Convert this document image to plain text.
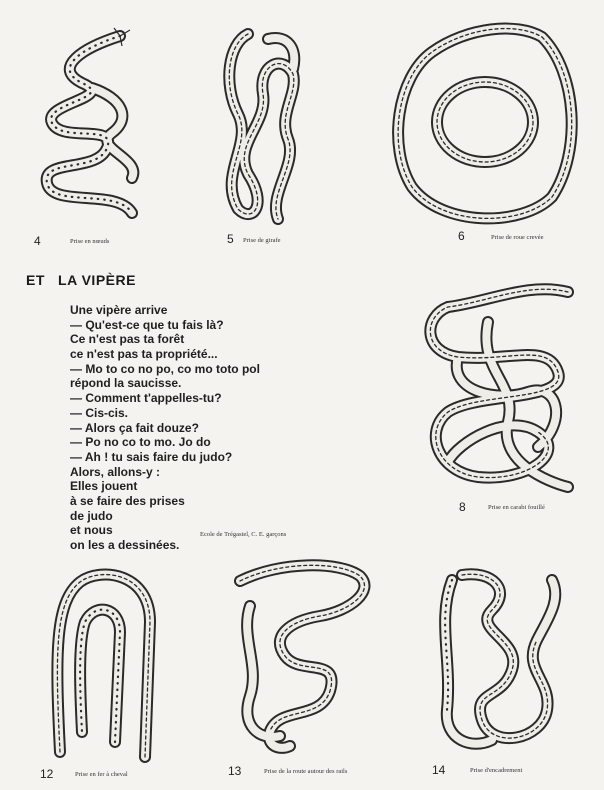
4	Prise en nœuds	5 Prise de girafe	6	Prise de roue crevée
ET   LA VIPÈRE
Une vipère arrive
— Qu'est-ce que tu fais là?
Ce n'est pas ta forêt
ce n'est pas ta propriété...
— Mo to co no po, co mo toto pol
répond la saucisse.
— Comment t'appelles-tu?
— Cis-cis.
— Alors ça fait douze?
— Po no co to mo. Jo do
— Ah ! tu sais faire du judo?
Alors, allons-y :
Elles jouent
à se faire des prises
de judo
et nous
on les a dessinées.
Ecole de Trégastel, C. E. garçons
8	Prise en carabi fouillé
12	Prise en fer à cheval	13	Prise de la route autour des rails	14	Prise d'encadrement
